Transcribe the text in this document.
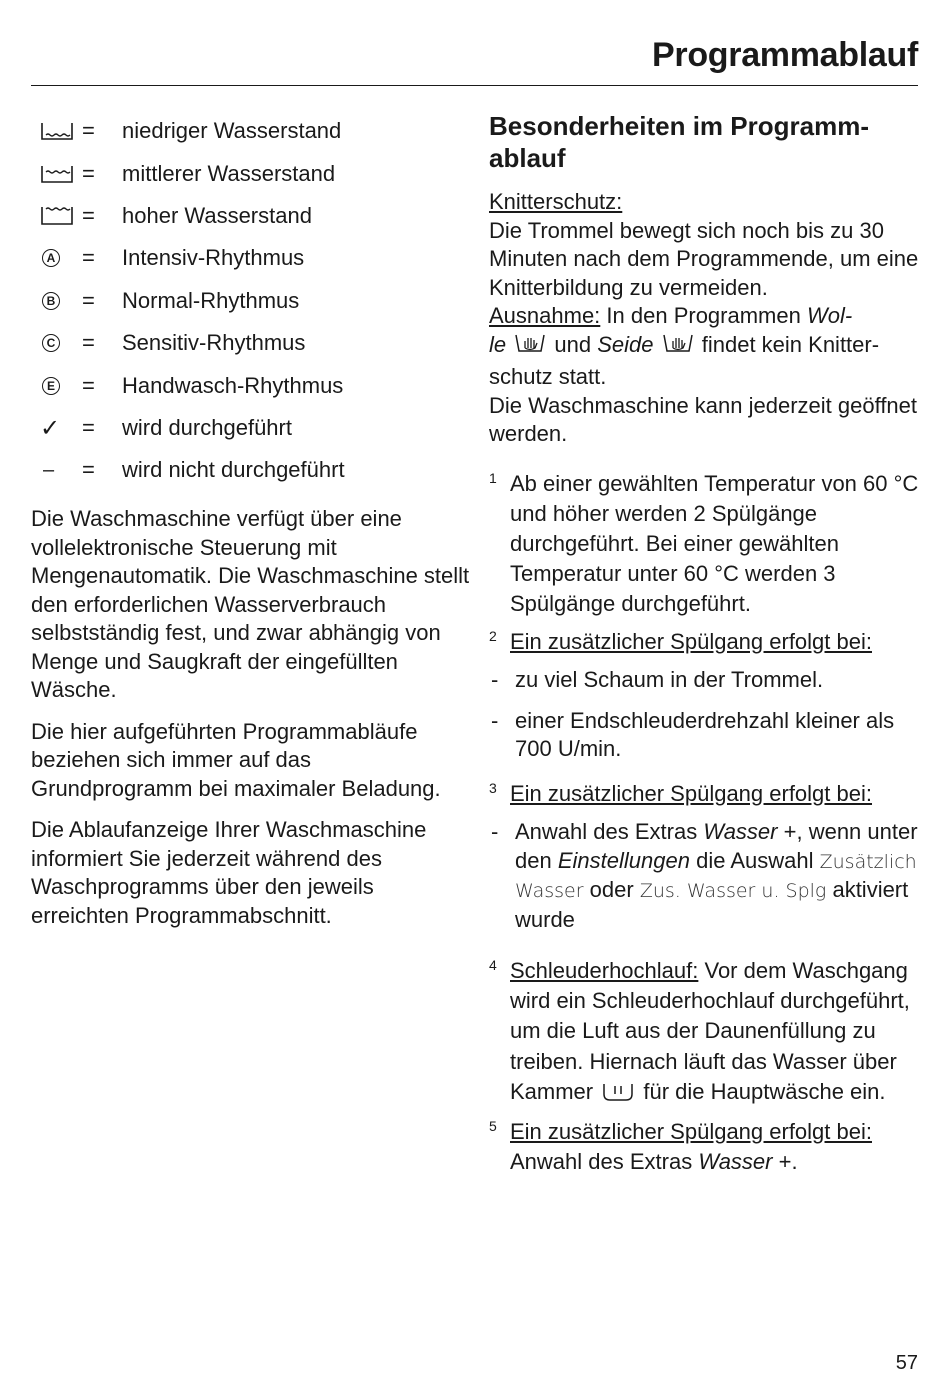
Programmablauf
=	niedriger Wasserstand
=	mittlerer Wasserstand
=	hoher Wasserstand
A =	Intensiv-Rhythmus
B =	Normal-Rhythmus
C =	Sensitiv-Rhythmus
E =	Handwasch-Rhythmus
✓ =	wird durchgeführt
– =	wird nicht durchgeführt

Die Waschmaschine verfügt über eine vollelektronische Steuerung mit Mengenautomatik. Die Waschmaschine stellt den erforderlichen Wasserverbrauch selbstständig fest, und zwar abhängig von Menge und Saugkraft der eingefüllten Wäsche.

Die hier aufgeführten Programmabläufe beziehen sich immer auf das Grundprogramm bei maximaler Beladung.

Die Ablaufanzeige Ihrer Waschmaschine informiert Sie jederzeit während des Waschprogramms über den jeweils erreichten Programmabschnitt.

Besonderheiten im Programm-
ablauf
Knitterschutz:
Die Trommel bewegt sich noch bis zu 30 Minuten nach dem Programmende, um eine Knitterbildung zu vermeiden.
Ausnahme: In den Programmen Wol-
le und Seide findet kein Knitter-
schutz statt.
Die Waschmaschine kann jederzeit geöffnet werden.

1 Ab einer gewählten Temperatur von 60 °C und höher werden 2 Spülgänge durchgeführt. Bei einer gewählten Temperatur unter 60 °C werden 3 Spülgänge durchgeführt.

2 Ein zusätzlicher Spülgang erfolgt bei:

- zu viel Schaum in der Trommel.

- einer Endschleuderdrehzahl kleiner als 700 U/min.

3 Ein zusätzlicher Spülgang erfolgt bei:

- Anwahl des Extras Wasser +, wenn unter den Einstellungen die Auswahl Zusätzlich Wasser oder Zus. Wasser u. Splg aktiviert wurde

4 Schleuderhochlauf: Vor dem Waschgang wird ein Schleuderhochlauf durchgeführt, um die Luft aus der Daunenfüllung zu treiben. Hiernach läuft das Wasser über Kammer für die Hauptwäsche ein.

5 Ein zusätzlicher Spülgang erfolgt bei:
Anwahl des Extras Wasser +.

57
